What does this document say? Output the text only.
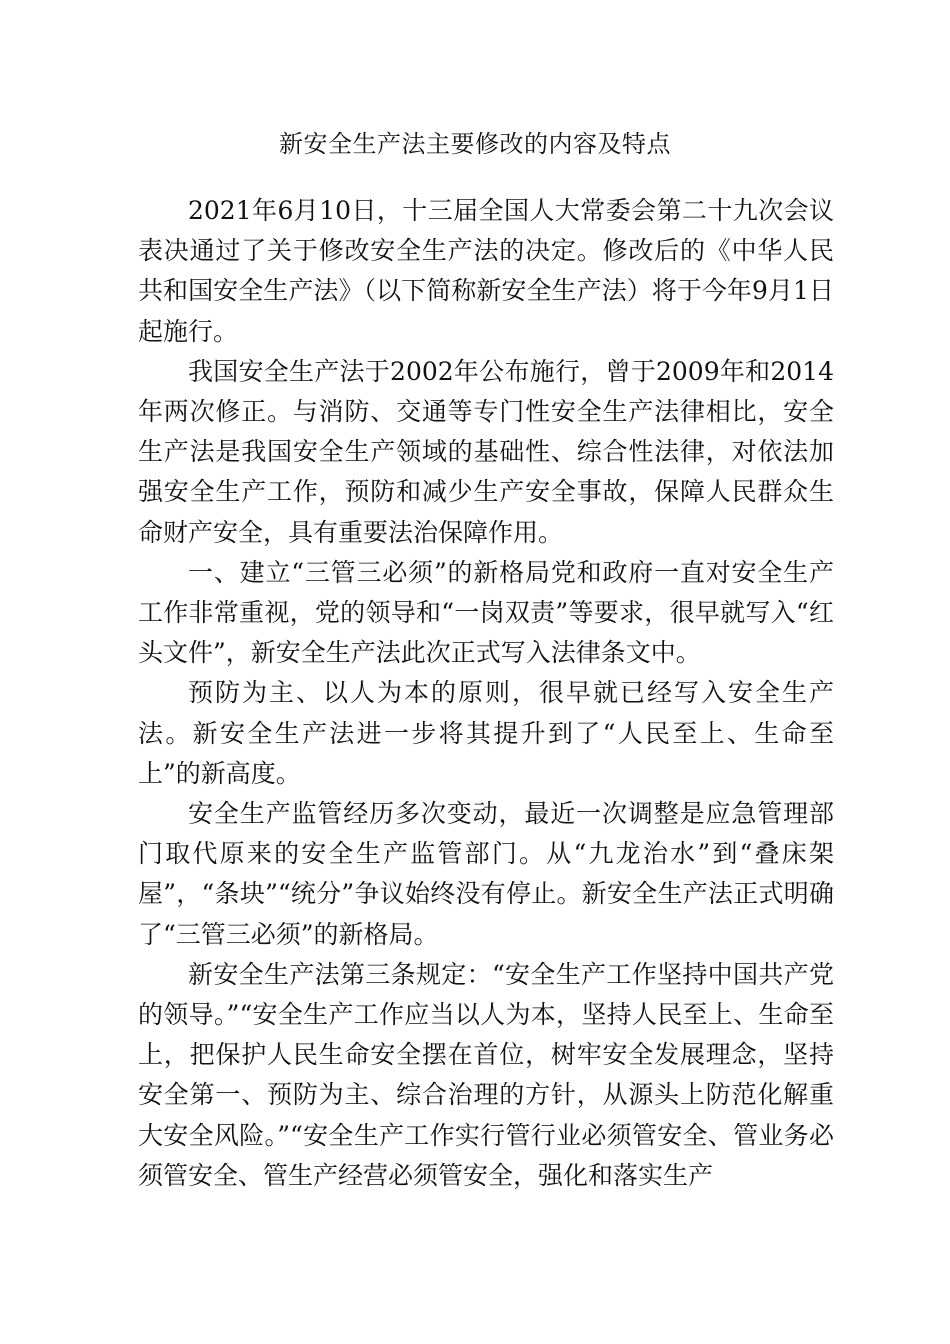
新安全生产法主要修改的内容及特点

2021年6月10日，十三届全国人大常委会第二十九次会议表决通过了关于修改安全生产法的决定。修改后的《中华人民共和国安全生产法》（以下简称新安全生产法）将于今年9月1日起施行。

我国安全生产法于2002年公布施行，曾于2009年和2014年两次修正。与消防、交通等专门性安全生产法律相比，安全生产法是我国安全生产领域的基础性、综合性法律，对依法加强安全生产工作，预防和减少生产安全事故，保障人民群众生命财产安全，具有重要法治保障作用。

一、建立“三管三必须”的新格局党和政府一直对安全生产工作非常重视，党的领导和“一岗双责”等要求，很早就写入“红头文件”，新安全生产法此次正式写入法律条文中。

预防为主、以人为本的原则，很早就已经写入安全生产法。新安全生产法进一步将其提升到了“人民至上、生命至上”的新高度。

安全生产监管经历多次变动，最近一次调整是应急管理部门取代原来的安全生产监管部门。从“九龙治水”到“叠床架屋”，“条块”“统分”争议始终没有停止。新安全生产法正式明确了“三管三必须”的新格局。

新安全生产法第三条规定：“安全生产工作坚持中国共产党的领导。”“安全生产工作应当以人为本，坚持人民至上、生命至上，把保护人民生命安全摆在首位，树牢安全发展理念，坚持安全第一、预防为主、综合治理的方针，从源头上防范化解重大安全风险。”“安全生产工作实行管行业必须管安全、管业务必须管安全、管生产经营必须管安全，强化和落实生产
